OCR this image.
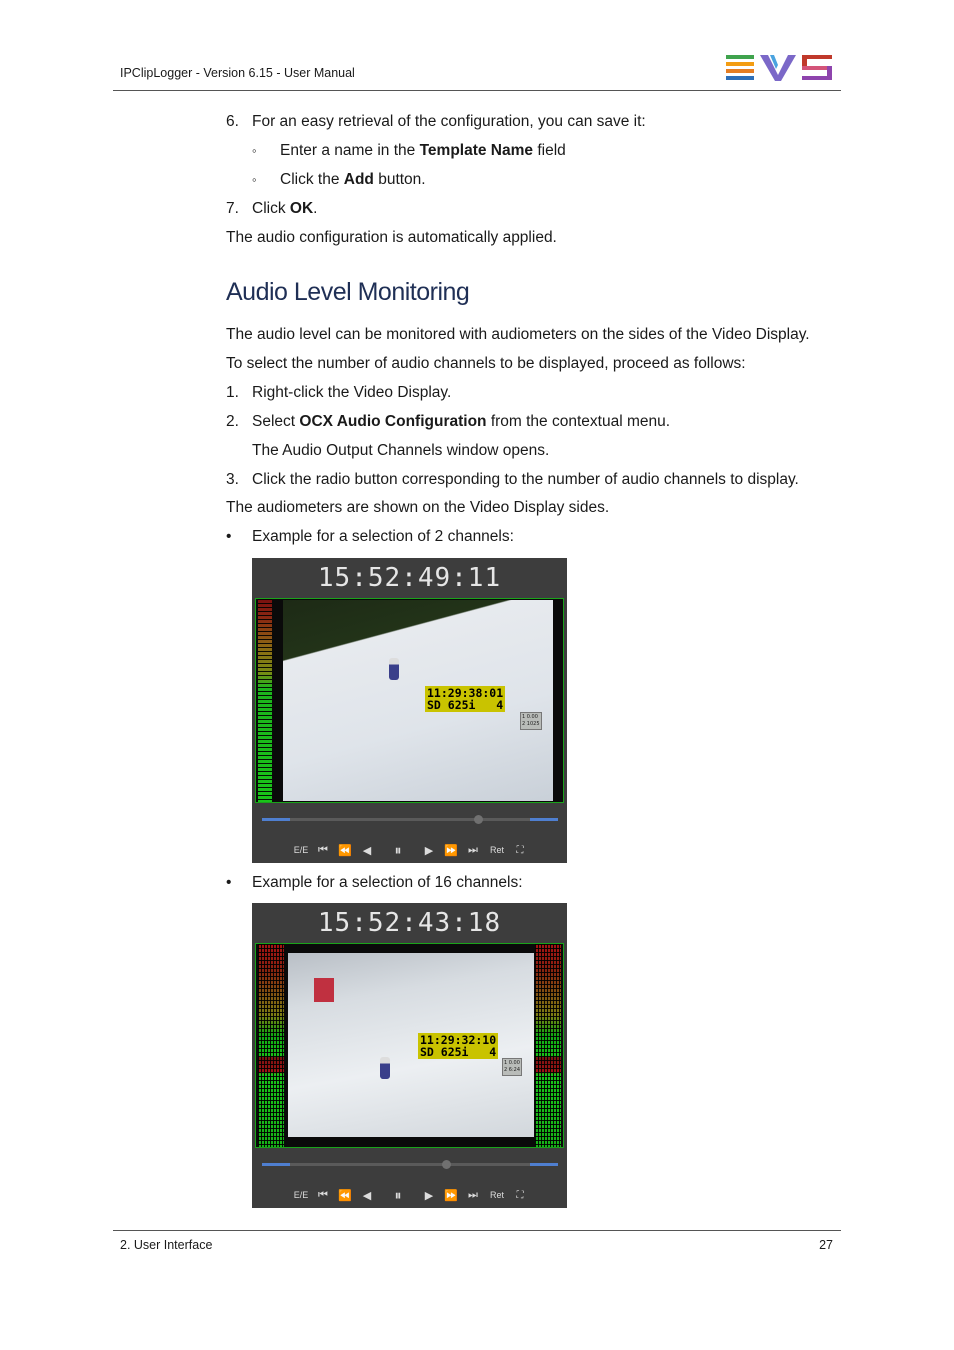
IPClipLogger - Version 6.15 - User Manual
6. For an easy retrieval of the configuration, you can save it:
◦ Enter a name in the Template Name field
◦ Click the Add button.
7. Click OK.
The audio configuration is automatically applied.
Audio Level Monitoring
The audio level can be monitored with audiometers on the sides of the Video Display.
To select the number of audio channels to be displayed, proceed as follows:
1. Right-click the Video Display.
2. Select OCX Audio Configuration from the contextual menu.
The Audio Output Channels window opens.
3. Click the radio button corresponding to the number of audio channels to display.
The audiometers are shown on the Video Display sides.
• Example for a selection of 2 channels:
15:52:49:11
11:29:38:01
SD 625i   4
1 0.00
2 1025
E/E ⏮ ⏪ ◀	⏸	▶ ⏩ ⏭	Ret	⛶
• Example for a selection of 16 channels:
15:52:43:18
11:29:32:10
SD 625i   4
1 0.00
2 6:24
E/E ⏮ ⏪ ◀	⏸	▶ ⏩ ⏭	Ret	⛶
2. User Interface	27
